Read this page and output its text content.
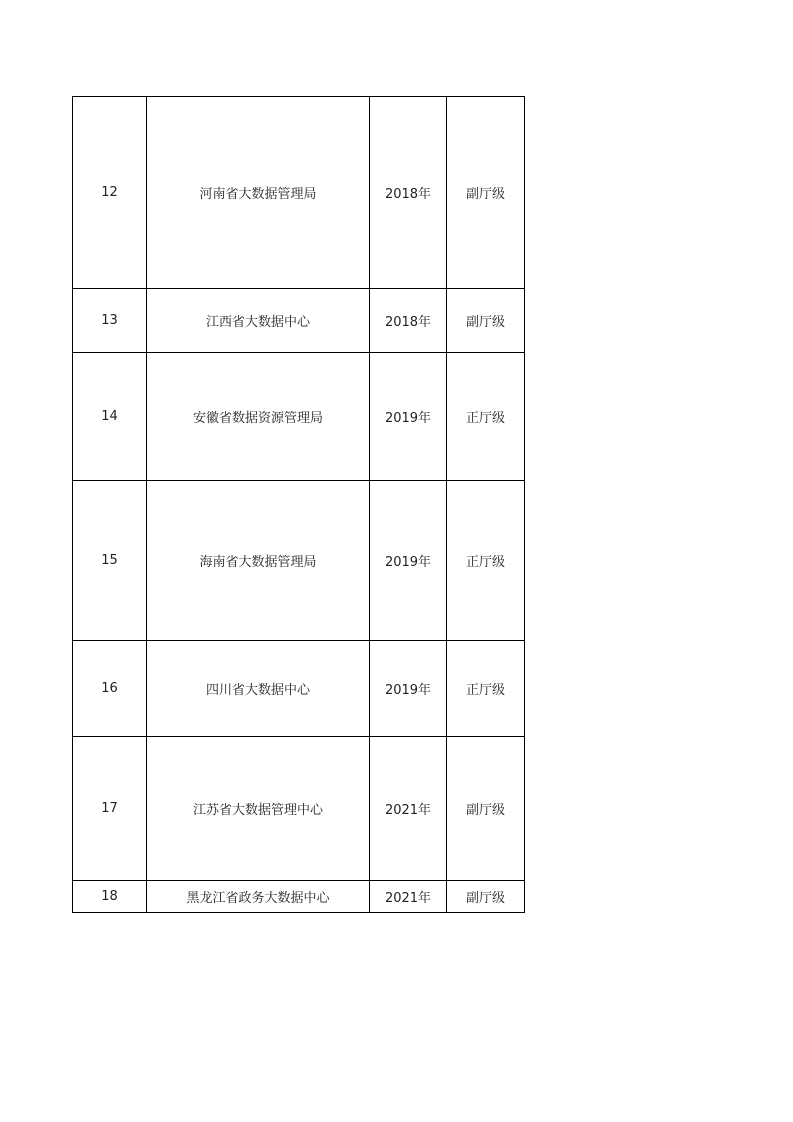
12	河南省大数据管理局	2018年	副厅级
13	江西省大数据中心	2018年	副厅级
14	安徽省数据资源管理局	2019年	正厅级
15	海南省大数据管理局	2019年	正厅级
16	四川省大数据中心	2019年	正厅级
17	江苏省大数据管理中心	2021年	副厅级
18	黑龙江省政务大数据中心	2021年	副厅级
